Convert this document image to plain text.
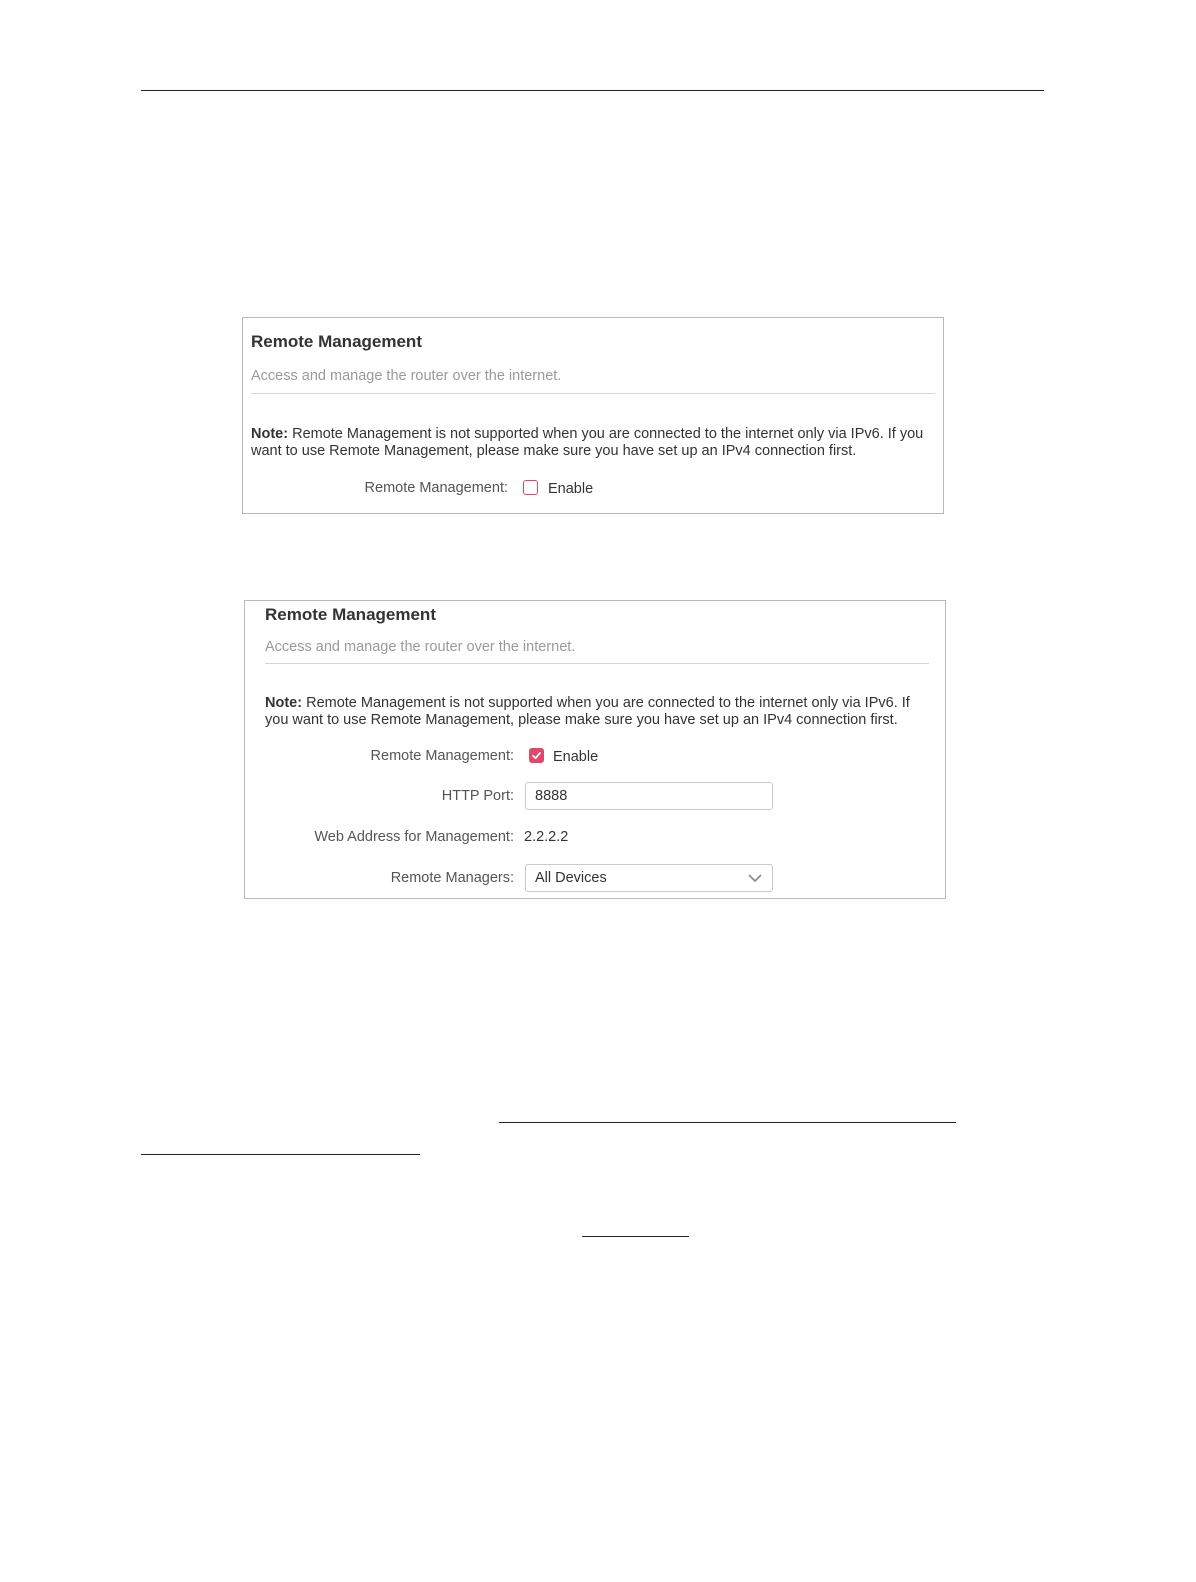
Remote Management
Access and manage the router over the internet.
Note: Remote Management is not supported when you are connected to the internet only via IPv6. If you want to use Remote Management, please make sure you have set up an IPv4 connection first.
Remote Management:	Enable
Remote Management
Access and manage the router over the internet.
Note: Remote Management is not supported when you are connected to the internet only via IPv6. If you want to use Remote Management, please make sure you have set up an IPv4 connection first.
Remote Management:	Enable
HTTP Port:
8888
Web Address for Management: 2.2.2.2
Remote Managers: All Devices
